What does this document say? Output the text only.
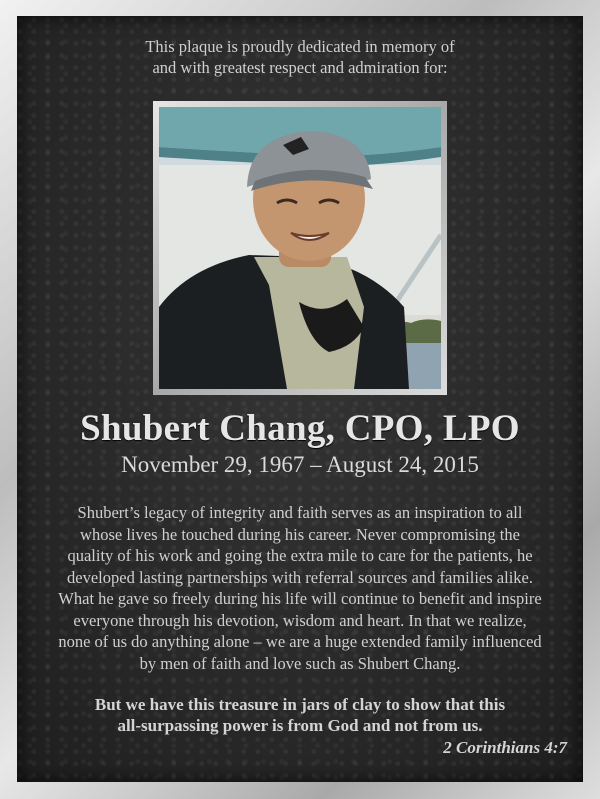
This plaque is proudly dedicated in memory of
and with greatest respect and admiration for:
Shubert Chang, CPO, LPO
November 29, 1967 – August 24, 2015
Shubert’s legacy of integrity and faith serves as an inspiration to all
whose lives he touched during his career. Never compromising the
quality of his work and going the extra mile to care for the patients, he
developed lasting partnerships with referral sources and families alike.
What he gave so freely during his life will continue to benefit and inspire
everyone through his devotion, wisdom and heart. In that we realize,
none of us do anything alone – we are a huge extended family influenced
by men of faith and love such as Shubert Chang.
But we have this treasure in jars of clay to show that this
all-surpassing power is from God and not from us.
2 Corinthians 4:7
